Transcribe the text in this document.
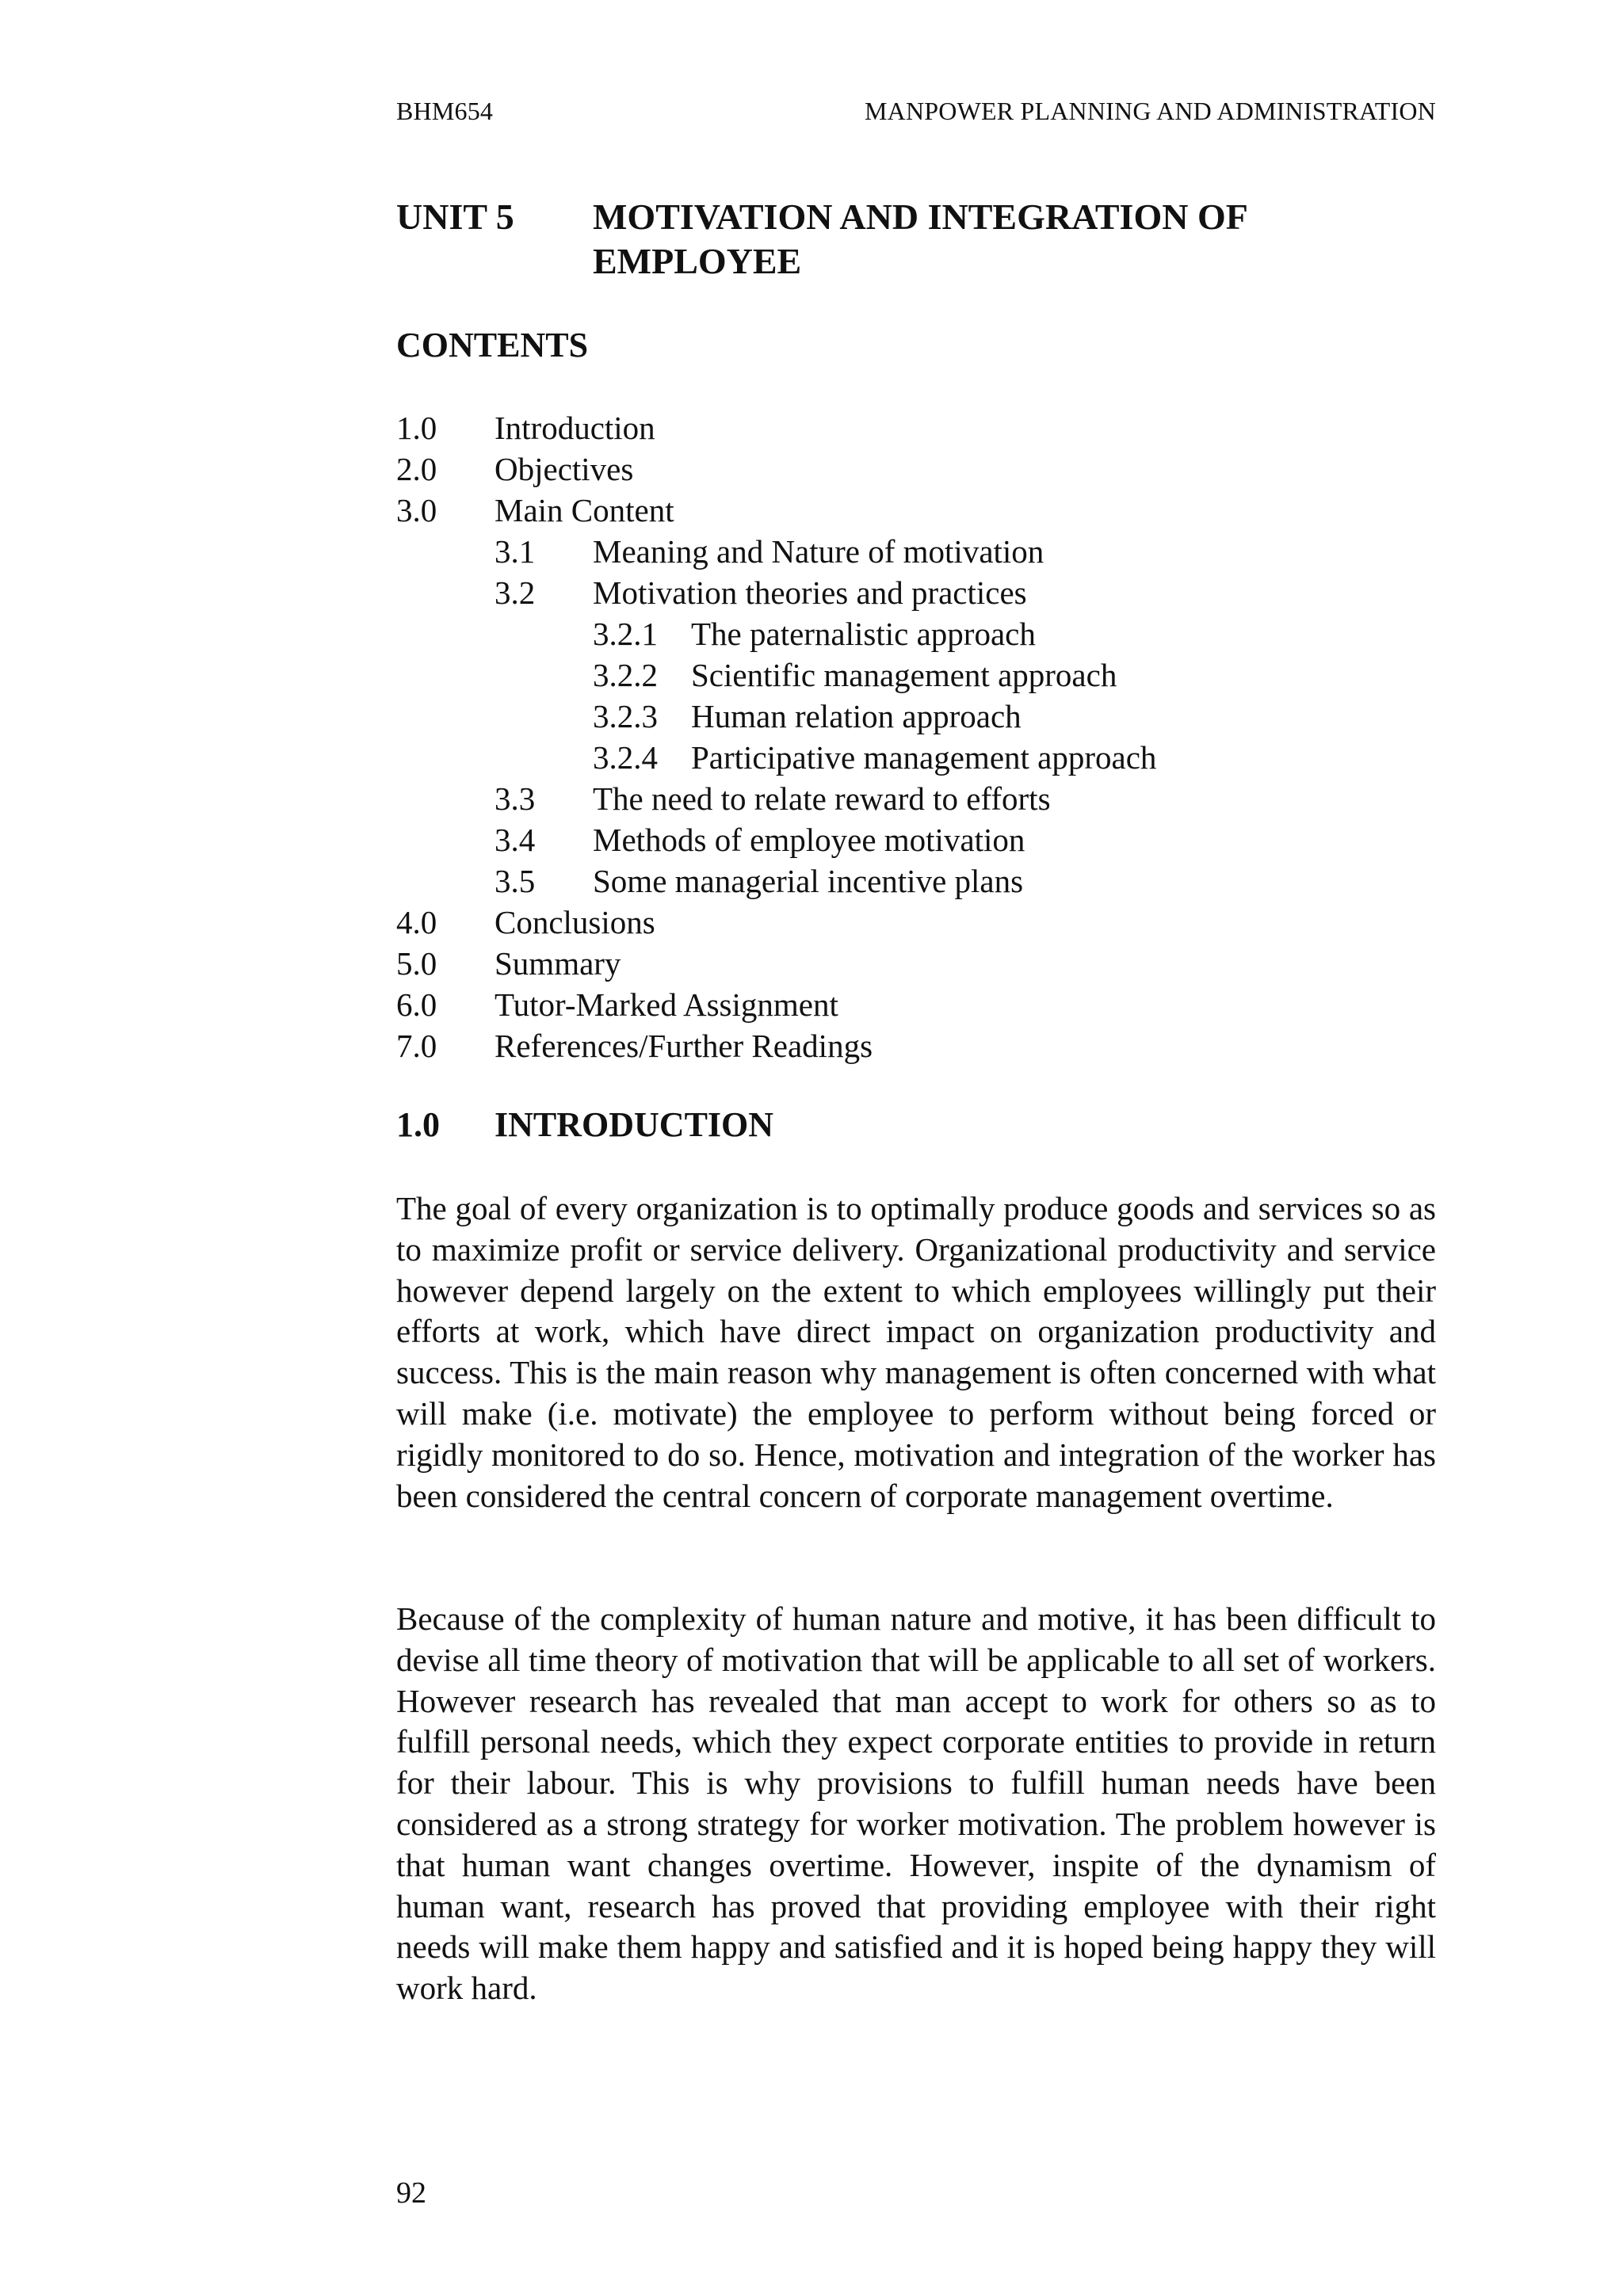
BHM654	MANPOWER PLANNING AND ADMINISTRATION
UNIT 5	MOTIVATION AND INTEGRATION OF EMPLOYEE
CONTENTS
1.0	Introduction
2.0	Objectives
3.0	Main Content
3.1	Meaning and Nature of motivation
3.2	Motivation theories and practices
3.2.1	The paternalistic approach
3.2.2	Scientific management approach
3.2.3	Human relation approach
3.2.4	Participative management approach
3.3	The need to relate reward to efforts
3.4	Methods of employee motivation
3.5	Some managerial incentive plans
4.0	Conclusions
5.0	Summary
6.0	Tutor-Marked Assignment
7.0	References/Further Readings
1.0	INTRODUCTION

The goal of every organization is to optimally produce goods and services so as to maximize profit or service delivery. Organizational productivity and service however depend largely on the extent to which employees willingly put their efforts at work, which have direct impact on organization productivity and success. This is the main reason why management is often concerned with what will make (i.e. motivate) the employee to perform without being forced or rigidly monitored to do so. Hence, motivation and integration of the worker has been considered the central concern of corporate management overtime.

Because of the complexity of human nature and motive, it has been difficult to devise all time theory of motivation that will be applicable to all set of workers. However research has revealed that man accept to work for others so as to fulfill personal needs, which they expect corporate entities to provide in return for their labour. This is why provisions to fulfill human needs have been considered as a strong strategy for worker motivation. The problem however is that human want changes overtime. However, inspite of the dynamism of human want, research has proved that providing employee with their right needs will make them happy and satisfied and it is hoped being happy they will work hard.

92
